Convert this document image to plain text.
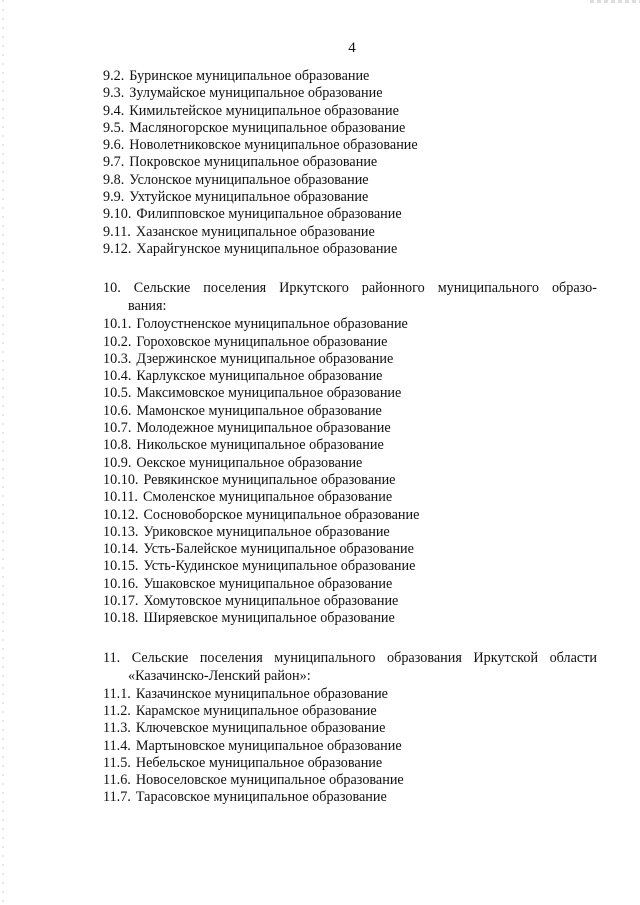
4
9.2. Буринское муниципальное образование
9.3. Зулумайское муниципальное образование
9.4. Кимильтейское муниципальное образование
9.5. Масляногорское муниципальное образование
9.6. Новолетниковское муниципальное образование
9.7. Покровское муниципальное образование
9.8. Услонское муниципальное образование
9.9. Ухтуйское муниципальное образование
9.10. Филипповское муниципальное образование
9.11. Хазанское муниципальное образование
9.12. Харайгунское муниципальное образование
10. Сельские поселения Иркутского районного муниципального образо-
вания:
10.1. Голоустненское муниципальное образование
10.2. Гороховское муниципальное образование
10.3. Дзержинское муниципальное образование
10.4. Карлукское муниципальное образование
10.5. Максимовское муниципальное образование
10.6. Мамонское муниципальное образование
10.7. Молодежное муниципальное образование
10.8. Никольское муниципальное образование
10.9. Оекское муниципальное образование
10.10. Ревякинское муниципальное образование
10.11. Смоленское муниципальное образование
10.12. Сосновоборское муниципальное образование
10.13. Уриковское муниципальное образование
10.14. Усть-Балейское муниципальное образование
10.15. Усть-Кудинское муниципальное образование
10.16. Ушаковское муниципальное образование
10.17. Хомутовское муниципальное образование
10.18. Ширяевское муниципальное образование
11. Сельские поселения муниципального образования Иркутской области
«Казачинско-Ленский район»:
11.1. Казачинское муниципальное образование
11.2. Карамское муниципальное образование
11.3. Ключевское муниципальное образование
11.4. Мартыновское муниципальное образование
11.5. Небельское муниципальное образование
11.6. Новоселовское муниципальное образование
11.7. Тарасовское муниципальное образование
